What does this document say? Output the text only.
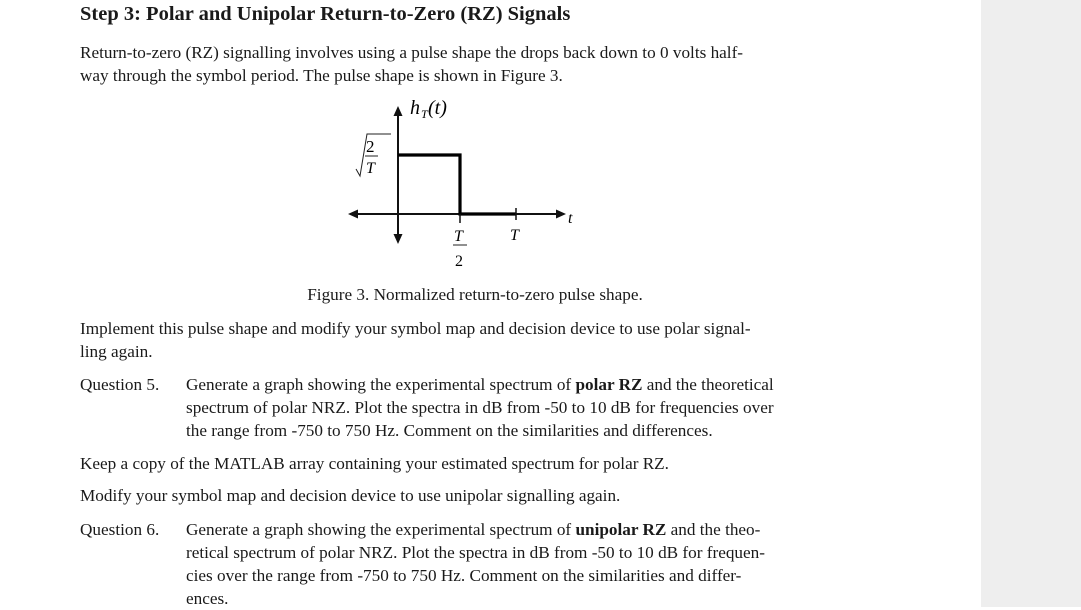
Step 3: Polar and Unipolar Return-to-Zero (RZ) Signals
Return-to-zero (RZ) signalling involves using a pulse shape the drops back down to 0 volts half-
way through the symbol period. The pulse shape is shown in Figure 3.
h T (t)
2
T
t
T
2
T
Figure 3. Normalized return-to-zero pulse shape.
Implement this pulse shape and modify your symbol map and decision device to use polar signal-
ling again.
Question 5. Generate a graph showing the experimental spectrum of polar RZ and the theoretical
spectrum of polar NRZ. Plot the spectra in dB from -50 to 10 dB for frequencies over
the range from -750 to 750 Hz. Comment on the similarities and differences.
Keep a copy of the MATLAB array containing your estimated spectrum for polar RZ.
Modify your symbol map and decision device to use unipolar signalling again.
Question 6. Generate a graph showing the experimental spectrum of unipolar RZ and the theo-
retical spectrum of polar NRZ. Plot the spectra in dB from -50 to 10 dB for frequen-
cies over the range from -750 to 750 Hz. Comment on the similarities and differ-
ences.
